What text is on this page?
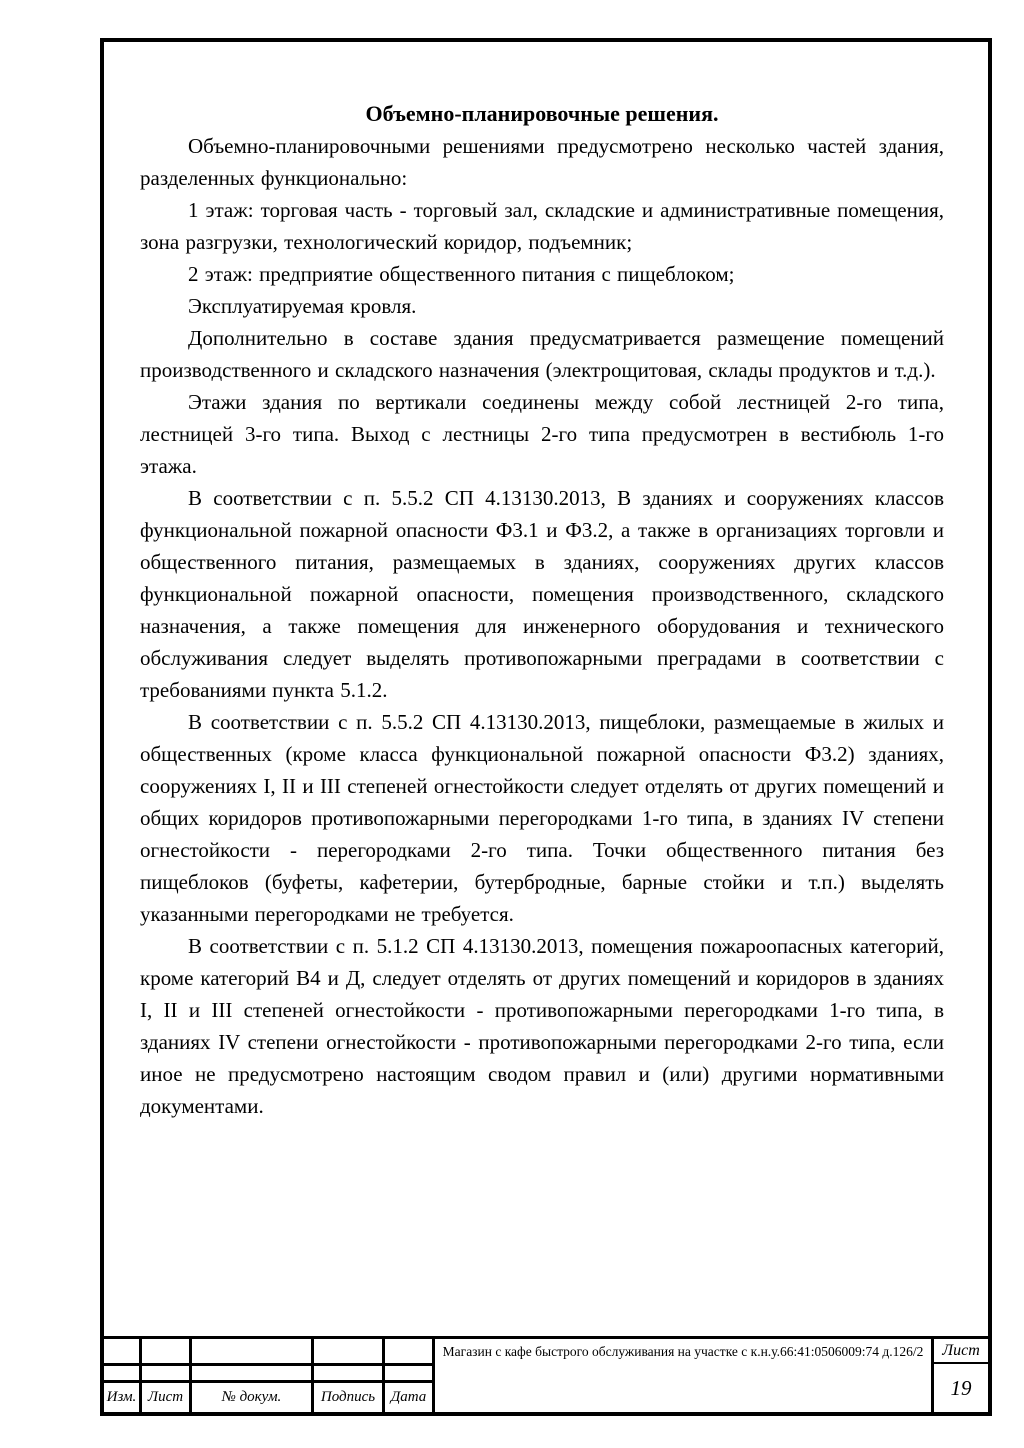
Объемно-планировочные решения.

Объемно-планировочными решениями предусмотрено несколько частей здания, разделенных функционально:

1 этаж: торговая часть - торговый зал, складские и административные помещения, зона разгрузки, технологический коридор, подъемник;

2 этаж: предприятие общественного питания с пищеблоком;

Эксплуатируемая кровля.

Дополнительно в составе здания предусматривается размещение помещений производственного и складского назначения (электрощитовая, склады продуктов и т.д.).

Этажи здания по вертикали соединены между собой лестницей 2-го типа, лестницей 3-го типа. Выход с лестницы 2-го типа предусмотрен в вестибюль 1-го этажа.

В соответствии с п. 5.5.2 СП 4.13130.2013, В зданиях и сооружениях классов функциональной пожарной опасности Ф3.1 и Ф3.2, а также в организациях торговли и общественного питания, размещаемых в зданиях, сооружениях других классов функциональной пожарной опасности, помещения производственного, складского назначения, а также помещения для инженерного оборудования и технического обслуживания следует выделять противопожарными преградами в соответствии с требованиями пункта 5.1.2.

В соответствии с п. 5.5.2 СП 4.13130.2013, пищеблоки, размещаемые в жилых и общественных (кроме класса функциональной пожарной опасности Ф3.2) зданиях, сооружениях I, II и III степеней огнестойкости следует отделять от других помещений и общих коридоров противопожарными перегородками 1-го типа, в зданиях IV степени огнестойкости - перегородками 2-го типа. Точки общественного питания без пищеблоков (буфеты, кафетерии, бутербродные, барные стойки и т.п.) выделять указанными перегородками не требуется.

В соответствии с п. 5.1.2 СП 4.13130.2013, помещения пожароопасных категорий, кроме категорий В4 и Д, следует отделять от других помещений и коридоров в зданиях I, II и III степеней огнестойкости - противопожарными перегородками 1-го типа, в зданиях IV степени огнестойкости - противопожарными перегородками 2-го типа, если иное не предусмотрено настоящим сводом правил и (или) другими нормативными документами.

Изм. Лист	№ докум.	Подпись	Дата
Магазин с кафе быстрого обслуживания на участке с к.н.у.66:41:0506009:74 д.126/2	Лист
19
